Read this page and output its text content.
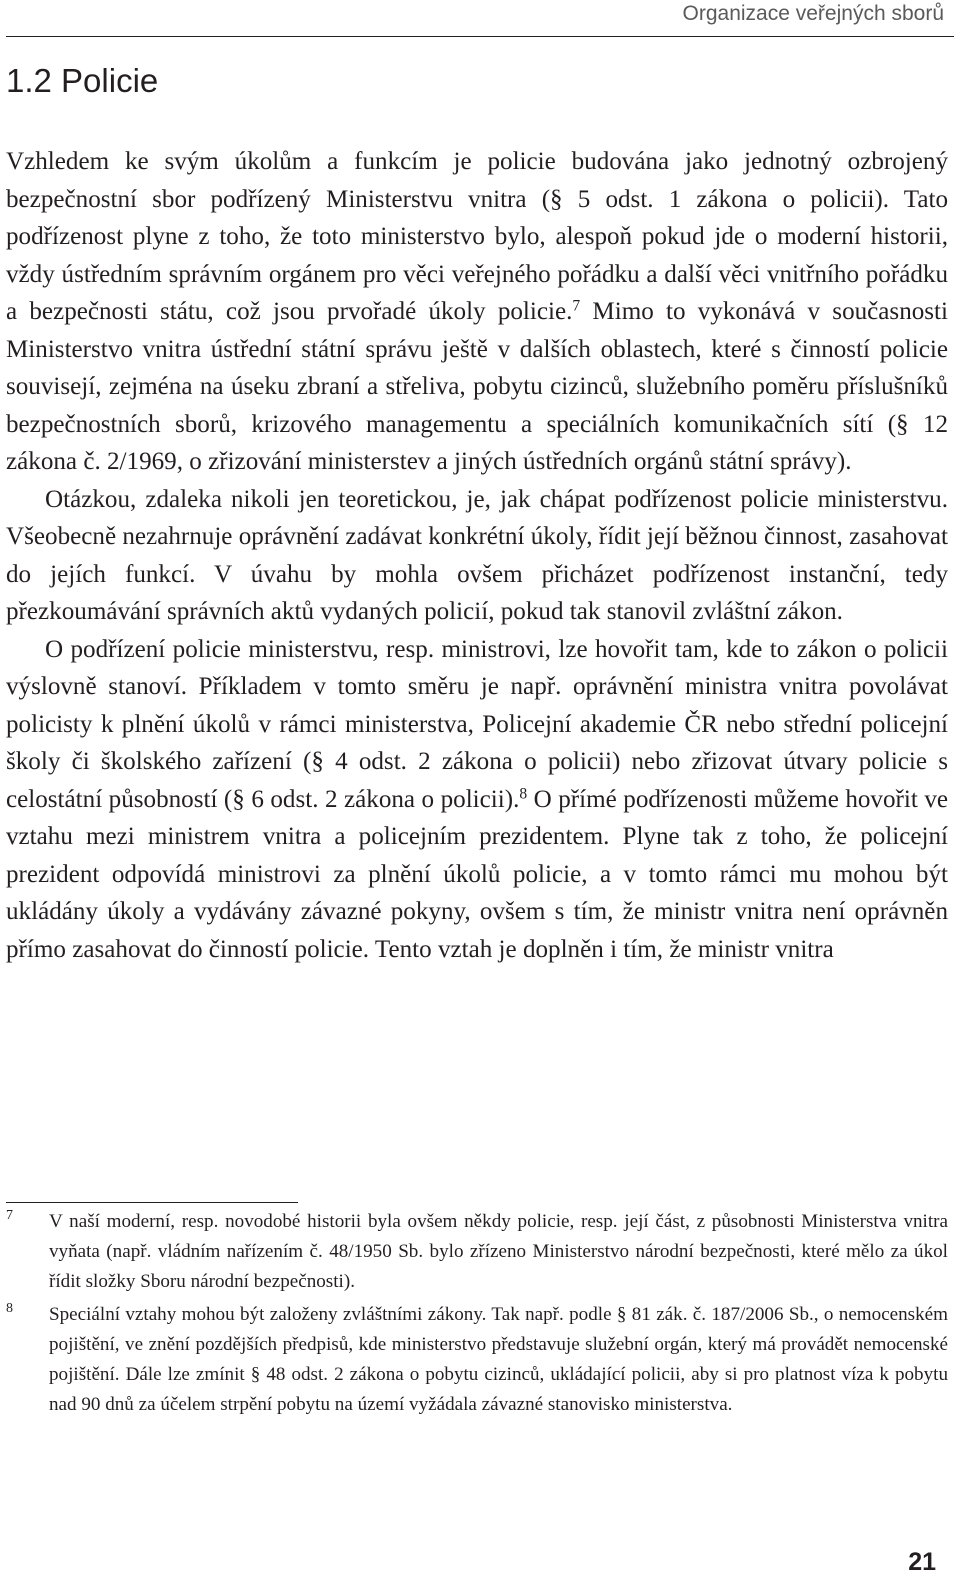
Organizace veřejných sborů
1.2 Policie

Vzhledem ke svým úkolům a funkcím je policie budována jako jednotný ozbrojený bezpečnostní sbor podřízený Ministerstvu vnitra (§ 5 odst. 1 zákona o policii). Tato podřízenost plyne z toho, že toto ministerstvo bylo, alespoň pokud jde o moderní historii, vždy ústředním správním orgánem pro věci veřejného pořádku a další věci vnitřního pořádku a bezpečnosti státu, což jsou prvořadé úkoly policie.$^7$ Mimo to vykonává v současnosti Ministerstvo vnitra ústřední státní správu ještě v dalších oblastech, které s činností policie souvisejí, zejména na úseku zbraní a střeliva, pobytu cizinců, služebního poměru příslušníků bezpečnostních sborů, krizového managementu a speciálních komunikačních sítí (§ 12 zákona č. 2/1969, o zřizování ministerstev a jiných ústředních orgánů státní správy).

Otázkou, zdaleka nikoli jen teoretickou, je, jak chápat podřízenost policie ministerstvu. Všeobecně nezahrnuje oprávnění zadávat konkrétní úkoly, řídit její běžnou činnost, zasahovat do jejích funkcí. V úvahu by mohla ovšem přicházet podřízenost instanční, tedy přezkoumávání správních aktů vydaných policií, pokud tak stanovil zvláštní zákon.

O podřízení policie ministerstvu, resp. ministrovi, lze hovořit tam, kde to zákon o policii výslovně stanoví. Příkladem v tomto směru je např. oprávnění ministra vnitra povolávat policisty k plnění úkolů v rámci ministerstva, Policejní akademie ČR nebo střední policejní školy či školského zařízení (§ 4 odst. 2 zákona o policii) nebo zřizovat útvary policie s celostátní působností (§ 6 odst. 2 zákona o policii).$^8$ O přímé podřízenosti můžeme hovořit ve vztahu mezi ministrem vnitra a policejním prezidentem. Plyne tak z toho, že policejní prezident odpovídá ministrovi za plnění úkolů policie, a v tomto rámci mu mohou být ukládány úkoly a vydávány závazné pokyny, ovšem s tím, že ministr vnitra není oprávněn přímo zasahovat do činností policie. Tento vztah je doplněn i tím, že ministr vnitra

7 V naší moderní, resp. novodobé historii byla ovšem někdy policie, resp. její část, z působnosti Ministerstva vnitra vyňata (např. vládním nařízením č. 48/1950 Sb. bylo zřízeno Ministerstvo národní bezpečnosti, které mělo za úkol řídit složky Sboru národní bezpečnosti).
8 Speciální vztahy mohou být založeny zvláštními zákony. Tak např. podle § 81 zák. č. 187/2006 Sb., o nemocenském pojištění, ve znění pozdějších předpisů, kde ministerstvo představuje služební orgán, který má provádět nemocenské pojištění. Dále lze zmínit § 48 odst. 2 zákona o pobytu cizinců, ukládající policii, aby si pro platnost víza k pobytu nad 90 dnů za účelem strpění pobytu na území vyžádala závazné stanovisko ministerstva.
21
